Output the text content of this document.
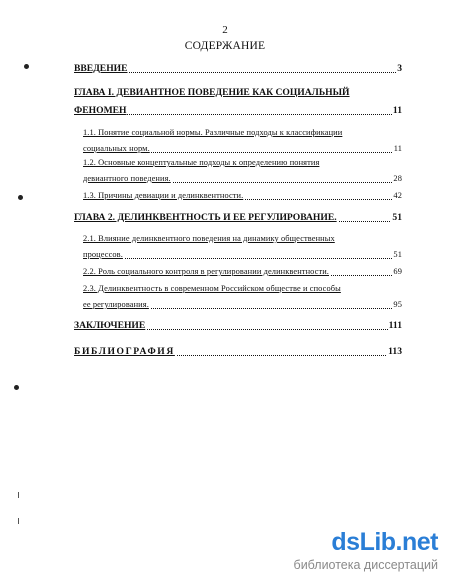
2
СОДЕРЖАНИЕ
ВВЕДЕНИЕ	3
ГЛАВА I. ДЕВИАНТНОЕ ПОВЕДЕНИЕ КАК СОЦИАЛЬНЫЙ
ФЕНОМЕН	11
1.1. Понятие социальной нормы. Различные подходы к классификации
социальных норм.	11
1.2. Основные концептуальные подходы к определению понятия
девиантного поведения.	28
1.3. Причины девиации и делинквентности.	42
ГЛАВА 2. ДЕЛИНКВЕНТНОСТЬ И ЕЕ РЕГУЛИРОВАНИЕ.	51
2.1. Влияние делинквентного поведения на динамику общественных
процессов.	51
2.2. Роль социального контроля в регулировании делинквентности.	69
2.3. Делинквентность в современном Российском обществе и способы
ее регулирования.	95
ЗАКЛЮЧЕНИЕ	111
БИБЛИОГРАФИЯ	113
dsLib.net
библиотека диссертаций
